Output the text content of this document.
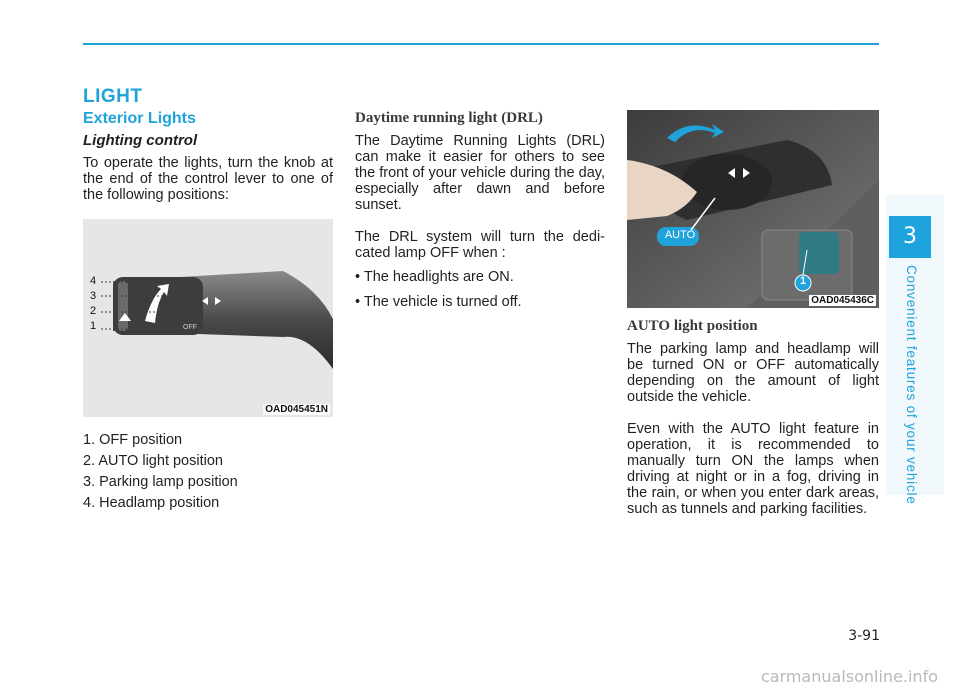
LIGHT
Exterior Lights
Lighting control

To operate the lights, turn the knob at the end of the control lever to one of the following positions:

OFF
4
3
2
1
OAD045451N
1. OFF position
2. AUTO light position
3. Parking lamp position
4. Headlamp position
Daytime running light (DRL)

The Daytime Running Lights (DRL) can make it easier for others to see the front of your vehicle during the day, especially after dawn and before sunset.

The DRL system will turn the dedi-cated lamp OFF when :

• The headlights are ON.
• The vehicle is turned off.
AUTO
1
OAD045436C
AUTO light position

The parking lamp and headlamp will be turned ON or OFF automatically depending on the amount of light outside the vehicle.

Even with the AUTO light feature in operation, it is recommended to manually turn ON the lamps when driving at night or in a fog, driving in the rain, or when you enter dark areas, such as tunnels and parking facilities.

3
Convenient features of your vehicle
3-91
carmanualsonline.info
